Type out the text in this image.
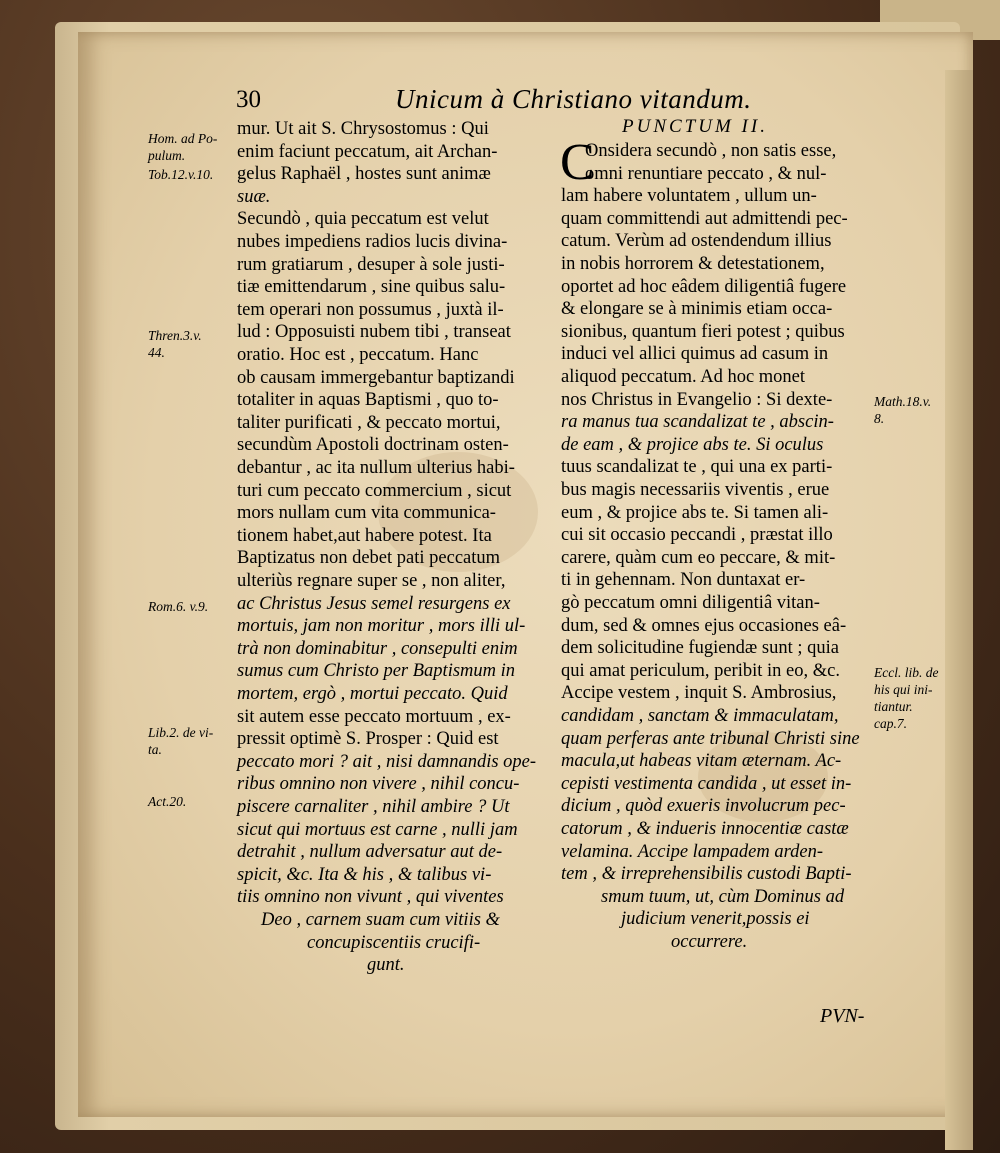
30	Unicum à Christiano vitandum.
mur. Ut ait S. Chrysostomus : Qui
enim faciunt peccatum, ait Archan-
gelus Raphaël , hostes sunt animæ
suæ.
Secundò , quia peccatum est velut
nubes impediens radios lucis divina-
rum gratiarum , desuper à sole justi-
tiæ emittendarum , sine quibus salu-
tem operari non possumus , juxtà il-
lud : Opposuisti nubem tibi , transeat
oratio. Hoc est , peccatum. Hanc
ob causam immergebantur baptizandi
totaliter in aquas Baptismi , quo to-
taliter purificati , & peccato mortui,
secundùm Apostoli doctrinam osten-
debantur , ac ita nullum ulterius habi-
turi cum peccato commercium , sicut
mors nullam cum vita communica-
tionem habet,aut habere potest. Ita
Baptizatus non debet pati peccatum
ulteriùs regnare super se , non aliter,
ac Christus Jesus semel resurgens ex
mortuis, jam non moritur , mors illi ul-
trà non dominabitur , consepulti enim
sumus cum Christo per Baptismum in
mortem, ergò , mortui peccato. Quid
sit autem esse peccato mortuum , ex-
pressit optimè S. Prosper : Quid est
peccato mori ? ait , nisi damnandis ope-
ribus omnino non vivere , nihil concu-
piscere carnaliter , nihil ambire ? Ut
sicut qui mortuus est carne , nulli jam
detrahit , nullum adversatur aut de-
spicit, &c. Ita & his , & talibus vi-
tiis omnino non vivunt , qui viventes
Deo , carnem suam cum vitiis &
concupiscentiis crucifi-
gunt.
PUNCTUM II.
C
Onsidera secundò , non satis esse,
omni renuntiare peccato , & nul-
lam habere voluntatem , ullum un-
quam committendi aut admittendi pec-
catum. Verùm ad ostendendum illius
in nobis horrorem & detestationem,
oportet ad hoc eâdem diligentiâ fugere
& elongare se à minimis etiam occa-
sionibus, quantum fieri potest ; quibus
induci vel allici quimus ad casum in
aliquod peccatum. Ad hoc monet
nos Christus in Evangelio : Si dexte-
ra manus tua scandalizat te , abscin-
de eam , & projice abs te. Si oculus
tuus scandalizat te , qui una ex parti-
bus magis necessariis viventis , erue
eum , & projice abs te. Si tamen ali-
cui sit occasio peccandi , præstat illo
carere, quàm cum eo peccare, & mit-
ti in gehennam. Non duntaxat er-
gò peccatum omni diligentiâ vitan-
dum, sed & omnes ejus occasiones eâ-
dem solicitudine fugiendæ sunt ; quia
qui amat periculum, peribit in eo, &c.
Accipe vestem , inquit S. Ambrosius,
candidam , sanctam & immaculatam,
quam perferas ante tribunal Christi sine
macula,ut habeas vitam æternam. Ac-
cepisti vestimenta candida , ut esset in-
dicium , quòd exueris involucrum pec-
catorum , & indueris innocentiæ castæ
velamina. Accipe lampadem arden-
tem , & irreprehensibilis custodi Bapti-
smum tuum, ut, cùm Dominus ad
judicium venerit,possis ei
occurrere.
Hom. ad Po-
pulum.
Tob.12.v.10.
Thren.3.v.
44.
Rom.6. v.9.
Lib.2. de vi-
ta.
Act.20.
Math.18.v.
8.
Eccl. lib. de
his qui ini-
tiantur.
cap.7.
PVN-
